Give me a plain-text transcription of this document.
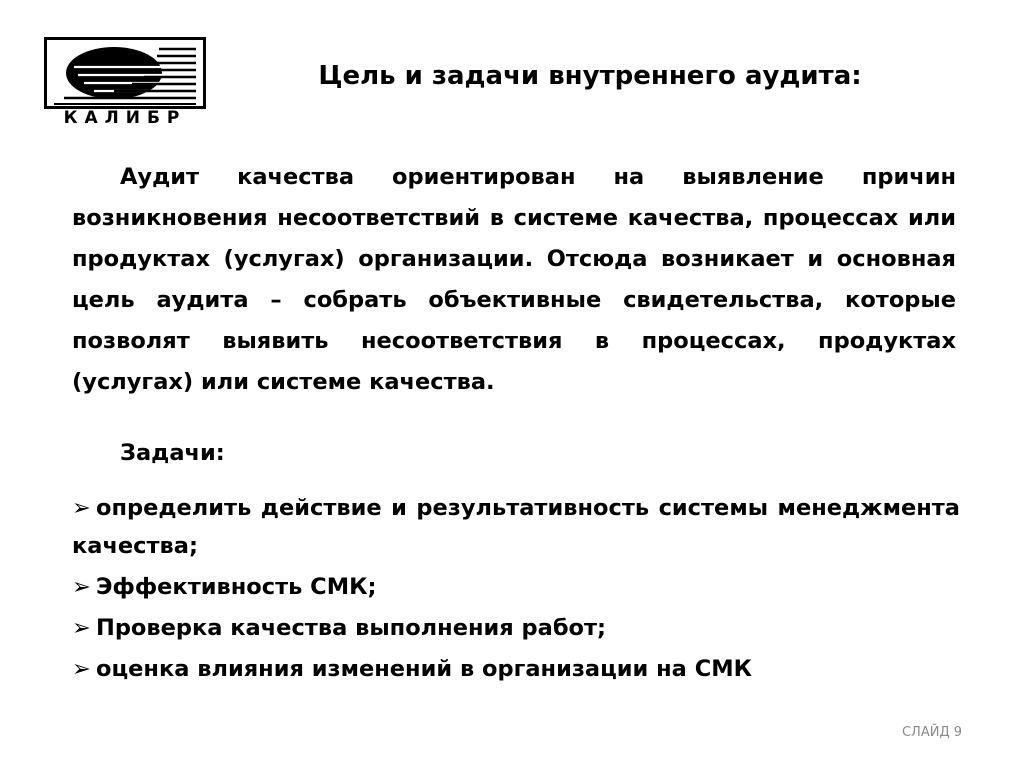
КАЛИБР
Цель и задачи внутреннего аудита:
Аудит качества ориентирован на выявление причин возникновения несоответствий в системе качества, процессах или продуктах (услугах) организации. Отсюда возникает и основная цель аудита – собрать объективные свидетельства, которые позволят выявить несоответствия в процессах, продуктах (услугах) или системе качества.
Задачи:
➢ определить действие и результативность системы менеджмента качества;
➢ Эффективность СМК;
➢ Проверка качества выполнения работ;
➢ оценка влияния изменений в организации на СМК
СЛАЙД 9
